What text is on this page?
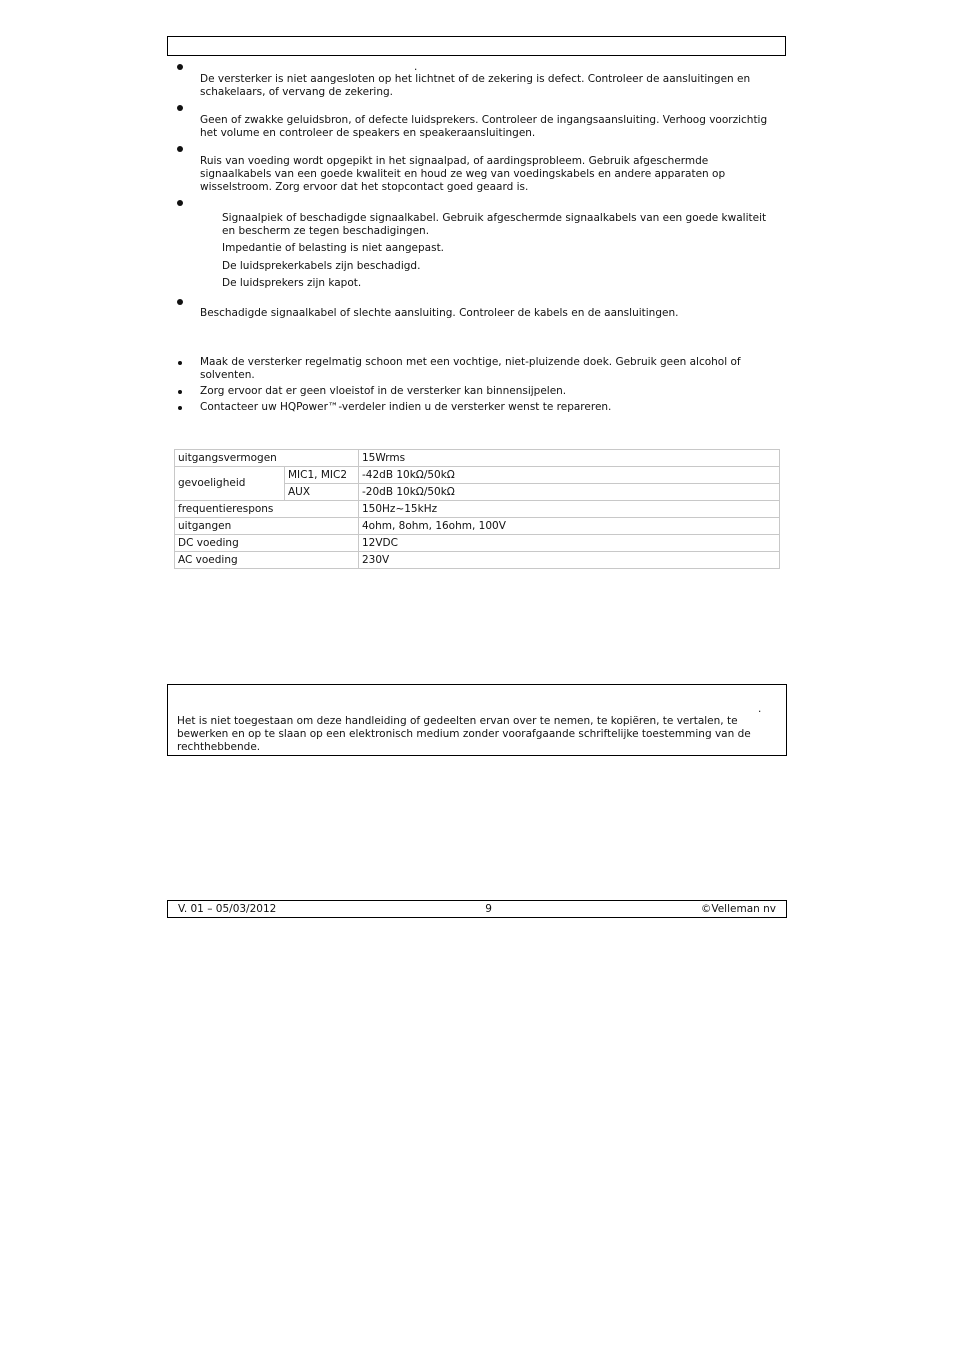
.

De versterker is niet aangesloten op het lichtnet of de zekering is defect. Controleer de aansluitingen en schakelaars, of vervang de zekering.

Geen of zwakke geluidsbron, of defecte luidsprekers. Controleer de ingangsaansluiting. Verhoog voorzichtig het volume en controleer de speakers en speakeraansluitingen.

Ruis van voeding wordt opgepikt in het signaalpad, of aardingsprobleem. Gebruik afgeschermde signaalkabels van een goede kwaliteit en houd ze weg van voedingskabels en andere apparaten op wisselstroom. Zorg ervoor dat het stopcontact goed geaard is.

Signaalpiek of beschadigde signaalkabel. Gebruik afgeschermde signaalkabels van een goede kwaliteit en bescherm ze tegen beschadigingen.

Impedantie of belasting is niet aangepast.

De luidsprekerkabels zijn beschadigd.

De luidsprekers zijn kapot.

Beschadigde signaalkabel of slechte aansluiting. Controleer de kabels en de aansluitingen.

Maak de versterker regelmatig schoon met een vochtige, niet-pluizende doek. Gebruik geen alcohol of solventen.

Zorg ervoor dat er geen vloeistof in de versterker kan binnensijpelen.

Contacteer uw HQPower™-verdeler indien u de versterker wenst te repareren.

uitgangsvermogen		15Wrms
gevoeligheid	MIC1, MIC2	-42dB 10kΩ/50kΩ
	AUX	-20dB 10kΩ/50kΩ
frequentierespons		150Hz~15kHz
uitgangen		4ohm, 8ohm, 16ohm, 100V
DC voeding		12VDC
AC voeding		230V
.

Het is niet toegestaan om deze handleiding of gedeelten ervan over te nemen, te kopiëren, te vertalen, te bewerken en op te slaan op een elektronisch medium zonder voorafgaande schriftelijke toestemming van de rechthebbende.

V. 01 – 05/03/2012	9	©Velleman nv
